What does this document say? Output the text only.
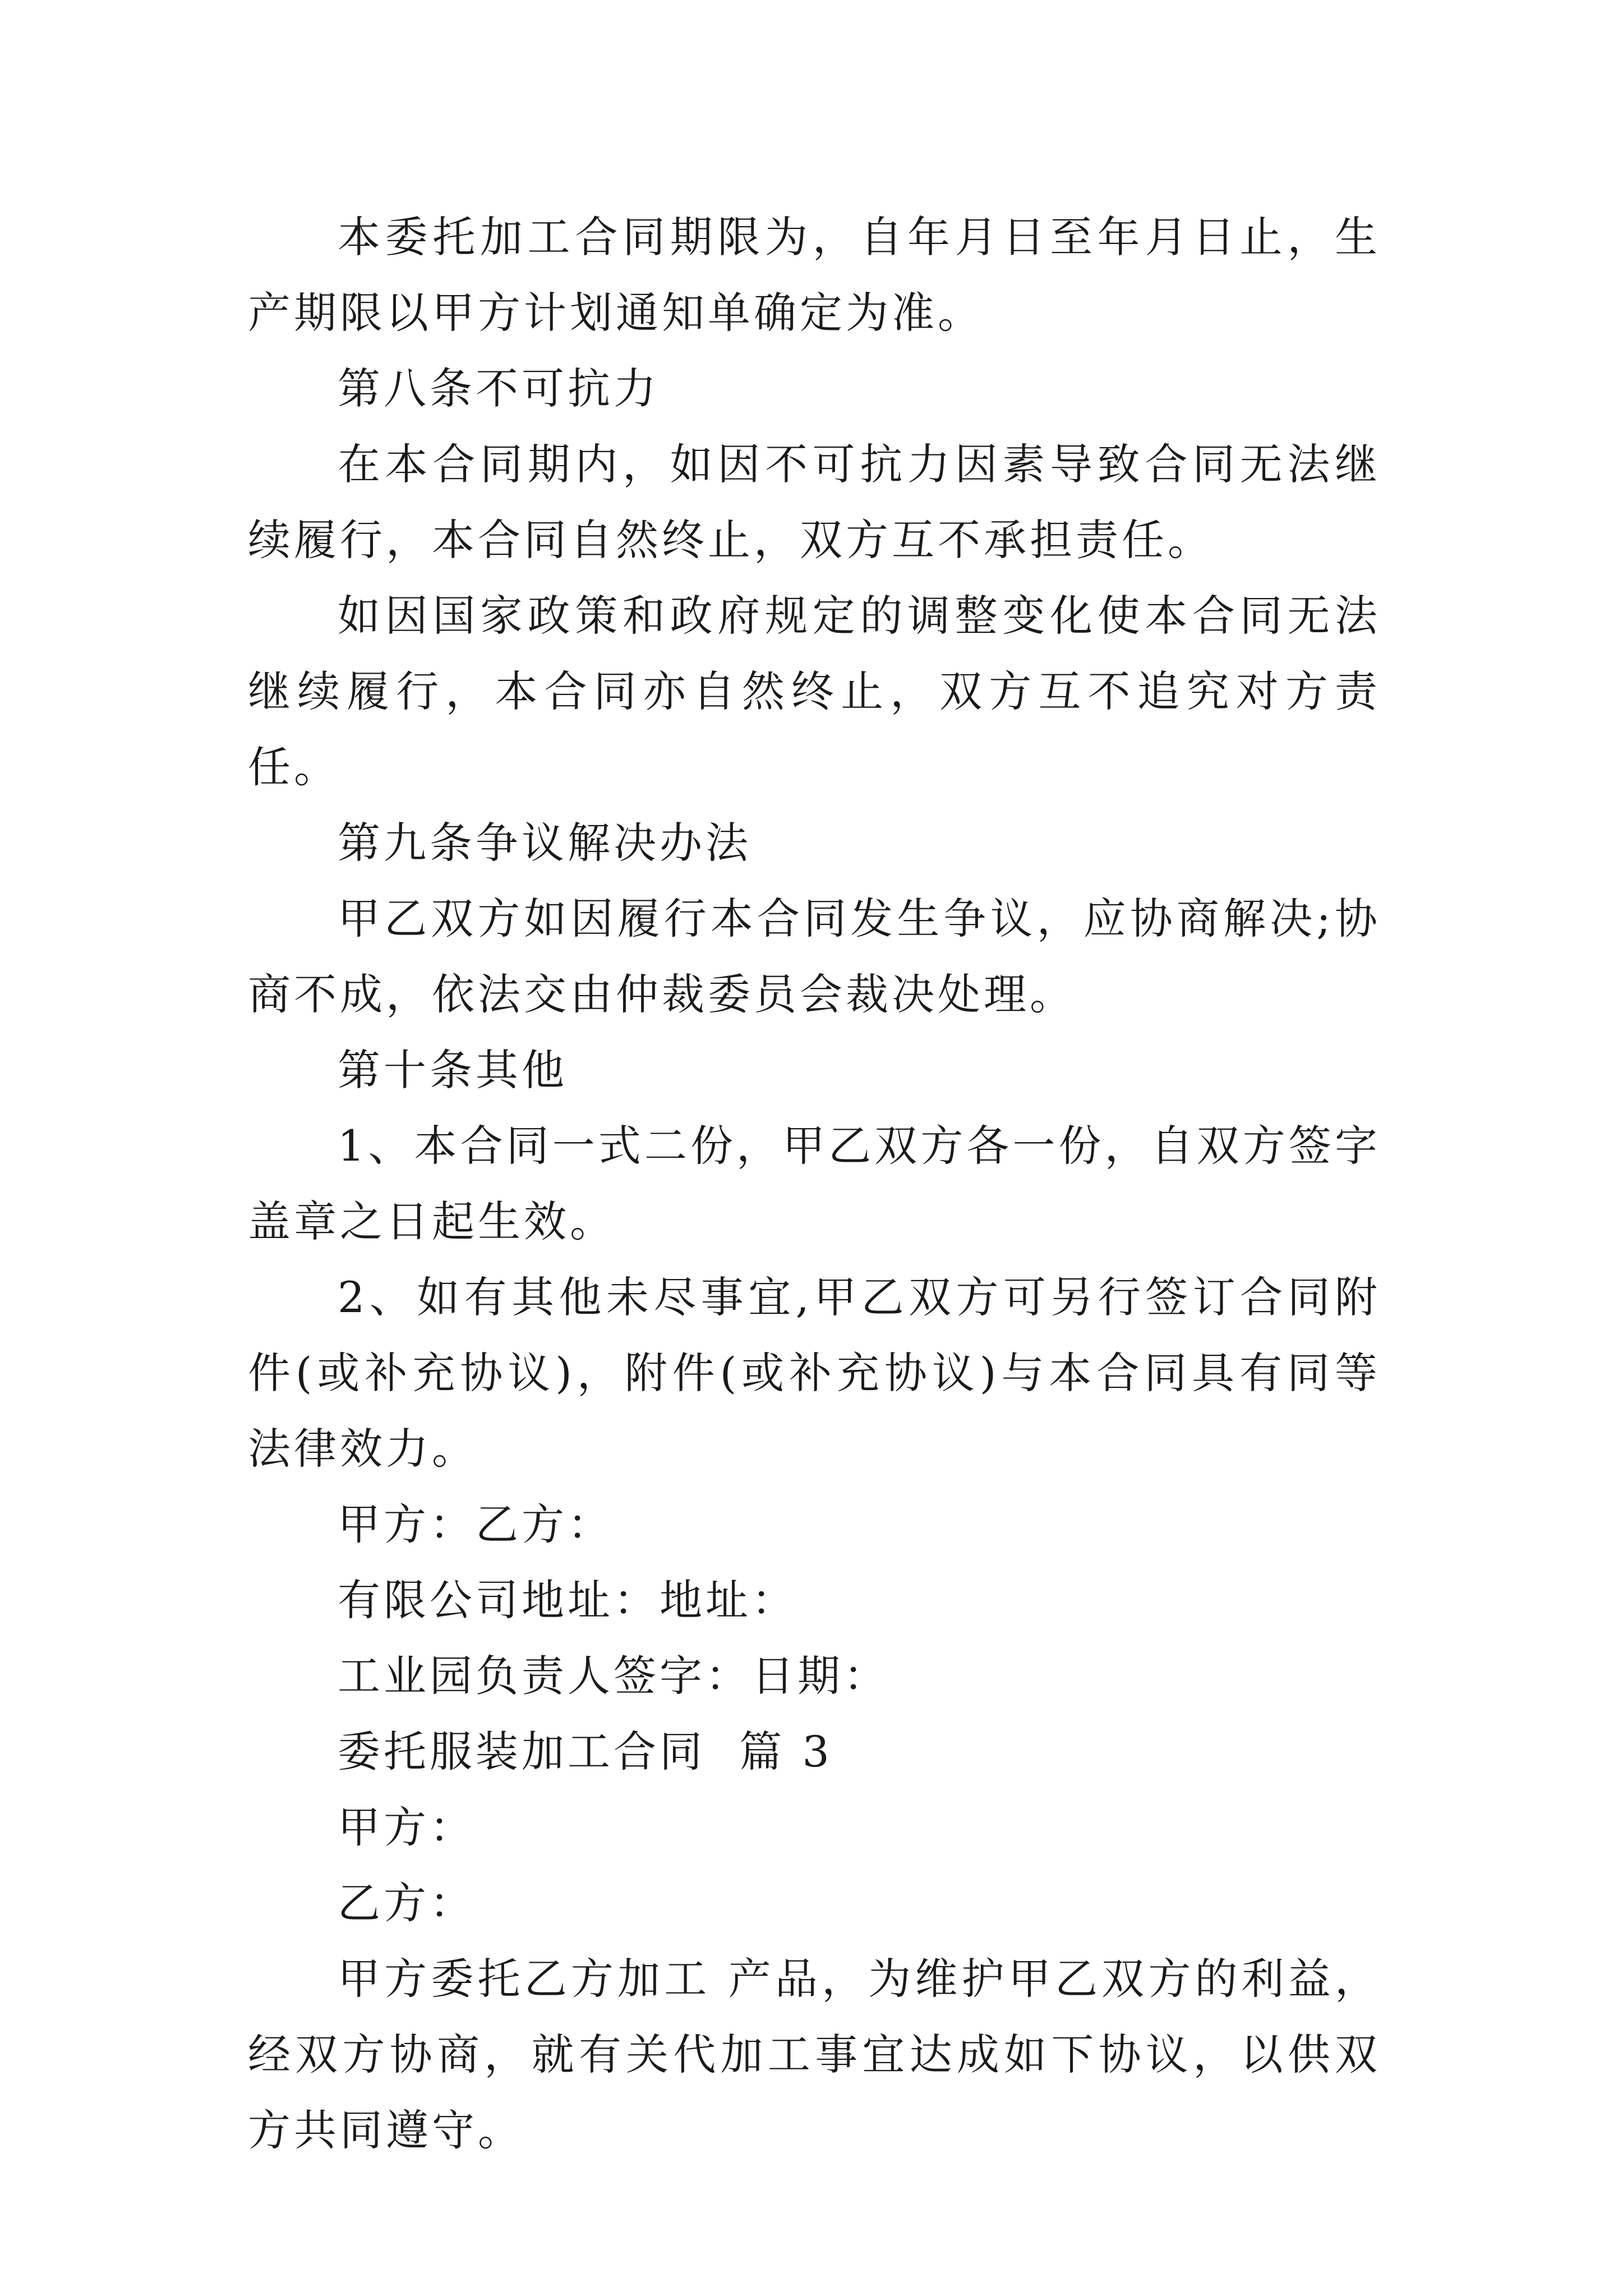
本委托加工合同期限为，自年月日至年月日止，生产期限以甲方计划通知单确定为准。

第八条不可抗力

在本合同期内，如因不可抗力因素导致合同无法继续履行，本合同自然终止，双方互不承担责任。

如因国家政策和政府规定的调整变化使本合同无法继续履行，本合同亦自然终止，双方互不追究对方责任。

第九条争议解决办法

甲乙双方如因履行本合同发生争议，应协商解决;协商不成，依法交由仲裁委员会裁决处理。

第十条其他

1、本合同一式二份，甲乙双方各一份，自双方签字盖章之日起生效。

2、如有其他未尽事宜,甲乙双方可另行签订合同附件(或补充协议)，附件(或补充协议)与本合同具有同等法律效力。

甲方：乙方：

有限公司地址：地址：

工业园负责人签字：日期：

委托服装加工合同  篇 3

甲方：

乙方：

甲方委托乙方加工 产品，为维护甲乙双方的利益，经双方协商，就有关代加工事宜达成如下协议，以供双方共同遵守。
